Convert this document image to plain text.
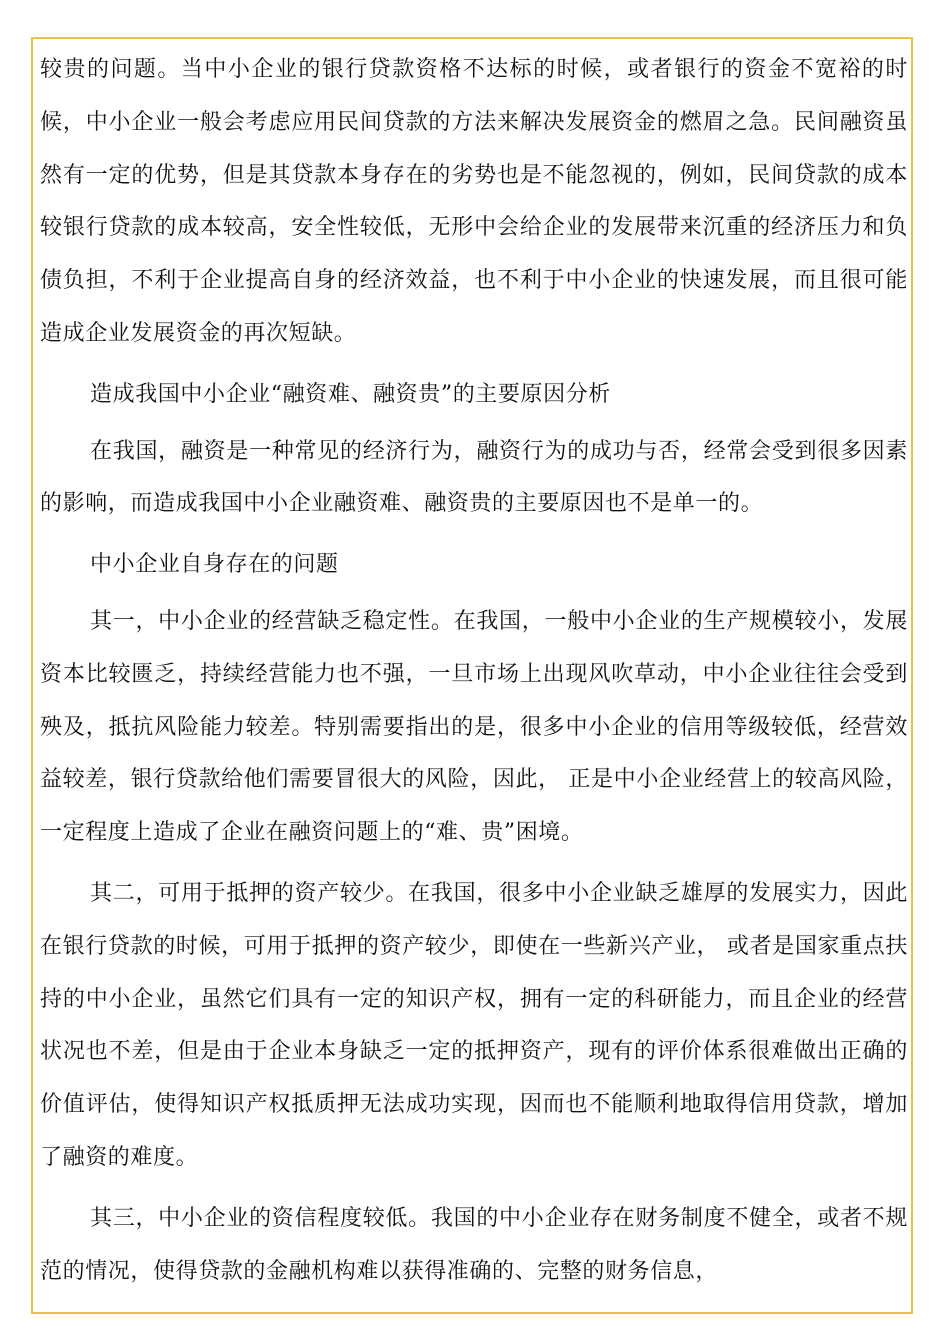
较贵的问题。当中小企业的银行贷款资格不达标的时候，或者银行的资金不宽裕的时候，中小企业一般会考虑应用民间贷款的方法来解决发展资金的燃眉之急。民间融资虽然有一定的优势，但是其贷款本身存在的劣势也是不能忽视的，例如，民间贷款的成本较银行贷款的成本较高，安全性较低，无形中会给企业的发展带来沉重的经济压力和负债负担，不利于企业提高自身的经济效益，也不利于中小企业的快速发展，而且很可能造成企业发展资金的再次短缺。

造成我国中小企业“融资难、融资贵”的主要原因分析

在我国，融资是一种常见的经济行为，融资行为的成功与否，经常会受到很多因素的影响，而造成我国中小企业融资难、融资贵的主要原因也不是单一的。

中小企业自身存在的问题

其一，中小企业的经营缺乏稳定性。在我国，一般中小企业的生产规模较小，发展资本比较匮乏，持续经营能力也不强，一旦市场上出现风吹草动，中小企业往往会受到殃及，抵抗风险能力较差。特别需要指出的是，很多中小企业的信用等级较低，经营效益较差，银行贷款给他们需要冒很大的风险，因此， 正是中小企业经营上的较高风险，一定程度上造成了企业在融资问题上的“难、贵”困境。

其二，可用于抵押的资产较少。在我国，很多中小企业缺乏雄厚的发展实力，因此在银行贷款的时候，可用于抵押的资产较少，即使在一些新兴产业， 或者是国家重点扶持的中小企业，虽然它们具有一定的知识产权，拥有一定的科研能力，而且企业的经营状况也不差，但是由于企业本身缺乏一定的抵押资产，现有的评价体系很难做出正确的价值评估，使得知识产权抵质押无法成功实现，因而也不能顺利地取得信用贷款，增加了融资的难度。

其三，中小企业的资信程度较低。我国的中小企业存在财务制度不健全，或者不规范的情况，使得贷款的金融机构难以获得准确的、完整的财务信息，
